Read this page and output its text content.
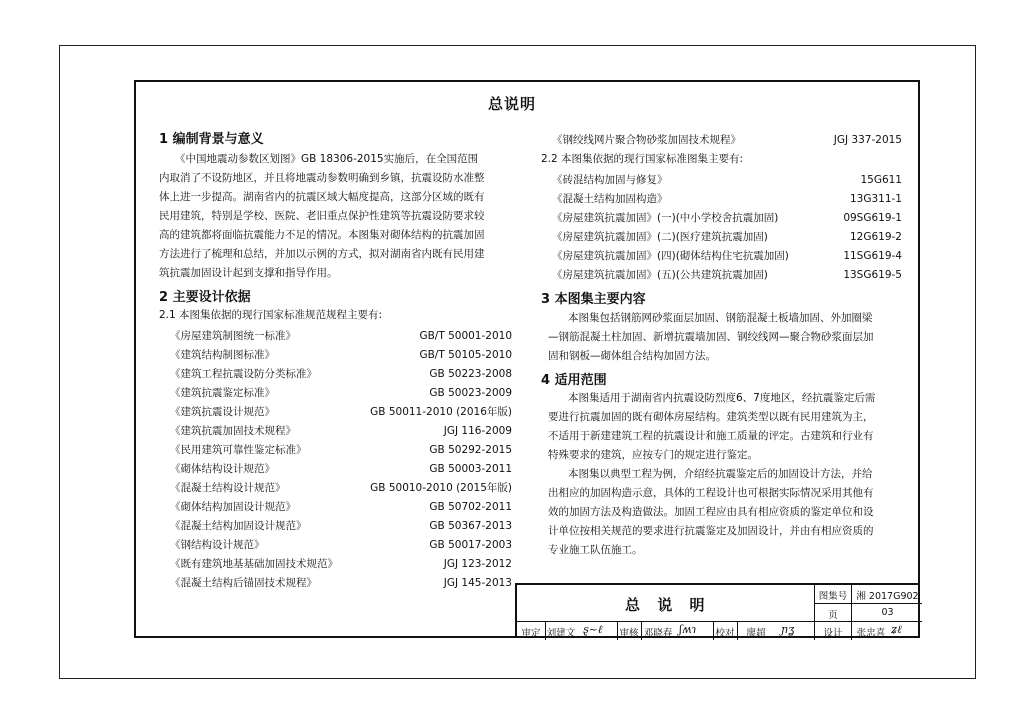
总说明
1 编制背景与意义
《中国地震动参数区划图》GB 18306-2015实施后，在全国范围
内取消了不设防地区，并且将地震动参数明确到乡镇，抗震设防水准整
体上进一步提高。湖南省内的抗震区域大幅度提高，这部分区域的既有
民用建筑，特别是学校、医院、老旧重点保护性建筑等抗震设防要求较
高的建筑都将面临抗震能力不足的情况。本图集对砌体结构的抗震加固
方法进行了梳理和总结，并加以示例的方式，拟对湖南省内既有民用建
筑抗震加固设计起到支撑和指导作用。
2 主要设计依据
2.1 本图集依据的现行国家标准规范规程主要有:
《房屋建筑制图统一标准》	GB/T 50001-2010
《建筑结构制图标准》	GB/T 50105-2010
《建筑工程抗震设防分类标准》	GB 50223-2008
《建筑抗震鉴定标准》	GB 50023-2009
《建筑抗震设计规范》	GB 50011-2010 (2016年版)
《建筑抗震加固技术规程》	JGJ 116-2009
《民用建筑可靠性鉴定标准》	GB 50292-2015
《砌体结构设计规范》	GB 50003-2011
《混凝土结构设计规范》	GB 50010-2010 (2015年版)
《砌体结构加固设计规范》	GB 50702-2011
《混凝土结构加固设计规范》	GB 50367-2013
《钢结构设计规范》	GB 50017-2003
《既有建筑地基基础加固技术规范》	JGJ 123-2012
《混凝土结构后锚固技术规程》	JGJ 145-2013
《钢绞线网片聚合物砂浆加固技术规程》	JGJ 337-2015
2.2 本图集依据的现行国家标准图集主要有:
《砖混结构加固与修复》	15G611
《混凝土结构加固构造》	13G311-1
《房屋建筑抗震加固》(一)(中小学校舍抗震加固)	09SG619-1
《房屋建筑抗震加固》(二)(医疗建筑抗震加固)	12G619-2
《房屋建筑抗震加固》(四)(砌体结构住宅抗震加固)	11SG619-4
《房屋建筑抗震加固》(五)(公共建筑抗震加固)	13SG619-5
3 本图集主要内容
本图集包括钢筋网砂浆面层加固、钢筋混凝土板墙加固、外加圈梁
—钢筋混凝土柱加固、新增抗震墙加固、钢绞线网—聚合物砂浆面层加
固和钢板—砌体组合结构加固方法。
4 适用范围
本图集适用于湖南省内抗震设防烈度6、7度地区，经抗震鉴定后需
要进行抗震加固的既有砌体房屋结构。建筑类型以既有民用建筑为主，
不适用于新建建筑工程的抗震设计和施工质量的评定。古建筑和行业有
特殊要求的建筑，应按专门的规定进行鉴定。
本图集以典型工程为例，介绍经抗震鉴定后的加固设计方法，并给
出相应的加固构造示意，具体的工程设计也可根据实际情况采用其他有
效的加固方法及构造做法。加固工程应由具有相应资质的鉴定单位和设
计单位按相关规范的要求进行抗震鉴定及加固设计，并由有相应资质的
专业施工队伍施工。
总 说 明	图集号 湘 2017G902
页	03
审定 刘建文 ȿ~ℓ 审核 邓晓春 ʃʍɿ 校对	廖超	ɲʓ	设计	张忠喜 ʑℓ
